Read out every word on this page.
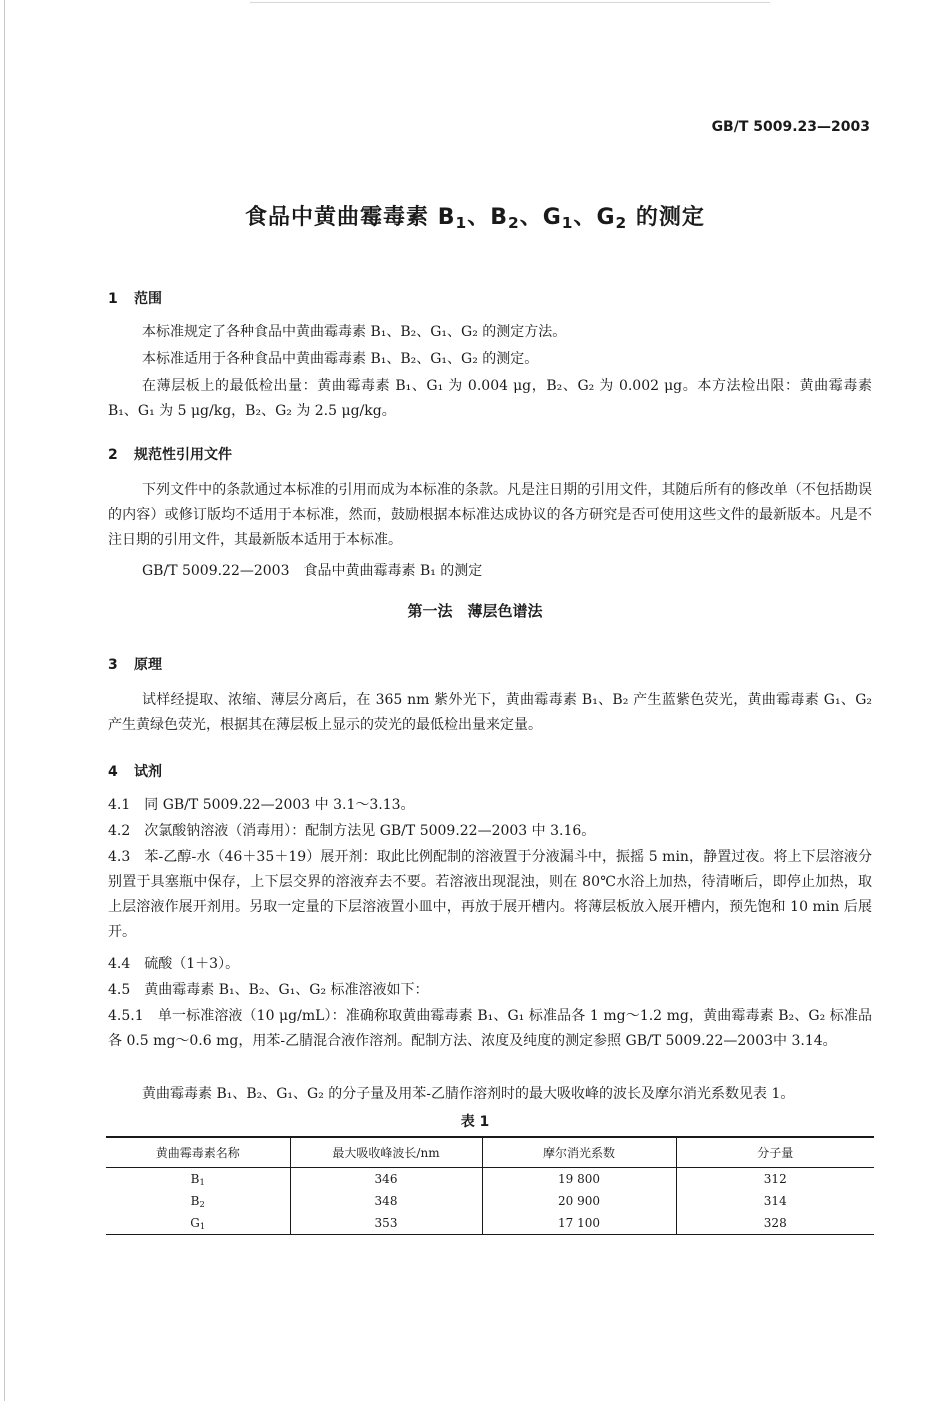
GB/T 5009.23—2003
食品中黄曲霉毒素 $B_1$、$B_2$、$G_1$、$G_2$ 的测定
1 范围
本标准规定了各种食品中黄曲霉毒素 B₁、B₂、G₁、G₂ 的测定方法。
本标准适用于各种食品中黄曲霉毒素 B₁、B₂、G₁、G₂ 的测定。
在薄层板上的最低检出量：黄曲霉毒素 B₁、G₁ 为 0.004 μg，B₂、G₂ 为 0.002 μg。本方法检出限：黄曲霉毒素 B₁、G₁ 为 5 μg/kg，B₂、G₂ 为 2.5 μg/kg。
2 规范性引用文件
下列文件中的条款通过本标准的引用而成为本标准的条款。凡是注日期的引用文件，其随后所有的修改单（不包括勘误的内容）或修订版均不适用于本标准，然而，鼓励根据本标准达成协议的各方研究是否可使用这些文件的最新版本。凡是不注日期的引用文件，其最新版本适用于本标准。
GB/T 5009.22—2003　食品中黄曲霉毒素 B₁ 的测定
第一法　薄层色谱法
3 原理
试样经提取、浓缩、薄层分离后，在 365 nm 紫外光下，黄曲霉毒素 B₁、B₂ 产生蓝紫色荧光，黄曲霉毒素 G₁、G₂ 产生黄绿色荧光，根据其在薄层板上显示的荧光的最低检出量来定量。
4 试剂
4.1　同 GB/T 5009.22—2003 中 3.1～3.13。
4.2　次氯酸钠溶液（消毒用）：配制方法见 GB/T 5009.22—2003 中 3.16。
4.3　苯-乙醇-水（46＋35＋19）展开剂：取此比例配制的溶液置于分液漏斗中，振摇 5 min，静置过夜。将上下层溶液分别置于具塞瓶中保存，上下层交界的溶液弃去不要。若溶液出现混浊，则在 80℃水浴上加热，待清晰后，即停止加热，取上层溶液作展开剂用。另取一定量的下层溶液置小皿中，再放于展开槽内。将薄层板放入展开槽内，预先饱和 10 min 后展开。
4.4　硫酸（1＋3）。
4.5　黄曲霉毒素 B₁、B₂、G₁、G₂ 标准溶液如下：
4.5.1　单一标准溶液（10 μg/mL）：准确称取黄曲霉毒素 B₁、G₁ 标准品各 1 mg～1.2 mg，黄曲霉毒素 B₂、G₂ 标准品各 0.5 mg～0.6 mg，用苯-乙腈混合液作溶剂。配制方法、浓度及纯度的测定参照 GB/T 5009.22—2003中 3.14。
黄曲霉毒素 B₁、B₂、G₁、G₂ 的分子量及用苯-乙腈作溶剂时的最大吸收峰的波长及摩尔消光系数见表 1。
表 1
黄曲霉毒素名称	最大吸收峰波长/nm	摩尔消光系数	分子量
$B_1$	346	19 800	312
$B_2$	348	20 900	314
$G_1$	353	17 100	328
